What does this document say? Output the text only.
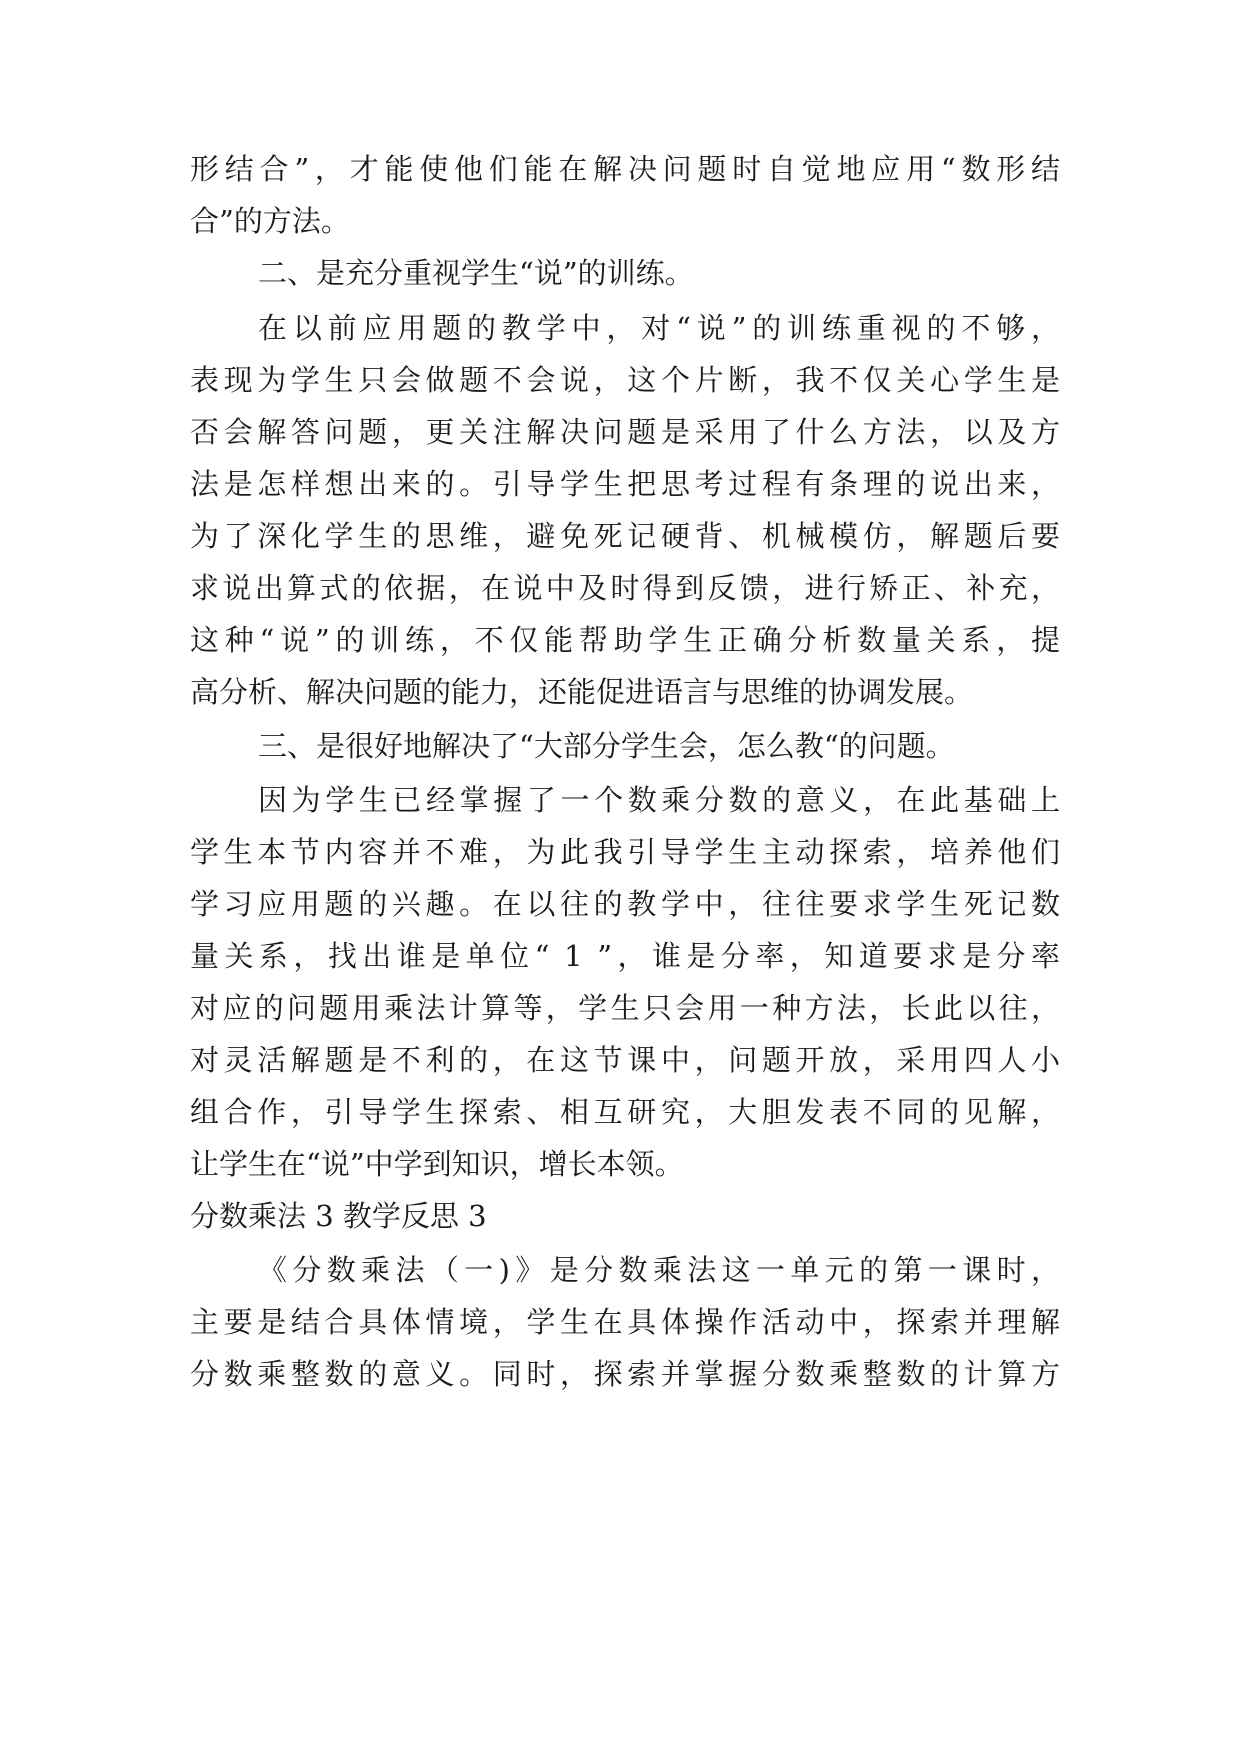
形结合”，才能使他们能在解决问题时自觉地应用“数形结
合”的方法。
二、是充分重视学生“说”的训练。
在以前应用题的教学中，对“说”的训练重视的不够，
表现为学生只会做题不会说，这个片断，我不仅关心学生是
否会解答问题，更关注解决问题是采用了什么方法，以及方
法是怎样想出来的。引导学生把思考过程有条理的说出来，
为了深化学生的思维，避免死记硬背、机械模仿，解题后要
求说出算式的依据，在说中及时得到反馈，进行矫正、补充，
这种“说”的训练，不仅能帮助学生正确分析数量关系，提
高分析、解决问题的能力，还能促进语言与思维的协调发展。
三、是很好地解决了“大部分学生会，怎么教“的问题。
因为学生已经掌握了一个数乘分数的意义，在此基础上
学生本节内容并不难，为此我引导学生主动探索，培养他们
学习应用题的兴趣。在以往的教学中，往往要求学生死记数
量关系，找出谁是单位“ 1 ”，谁是分率，知道要求是分率
对应的问题用乘法计算等，学生只会用一种方法，长此以往，
对灵活解题是不利的，在这节课中，问题开放，采用四人小
组合作，引导学生探索、相互研究，大胆发表不同的见解，
让学生在“说”中学到知识，增长本领。
分数乘法 3 教学反思 3
《分数乘法（一)》是分数乘法这一单元的第一课时，
主要是结合具体情境，学生在具体操作活动中，探索并理解
分数乘整数的意义。同时，探索并掌握分数乘整数的计算方
